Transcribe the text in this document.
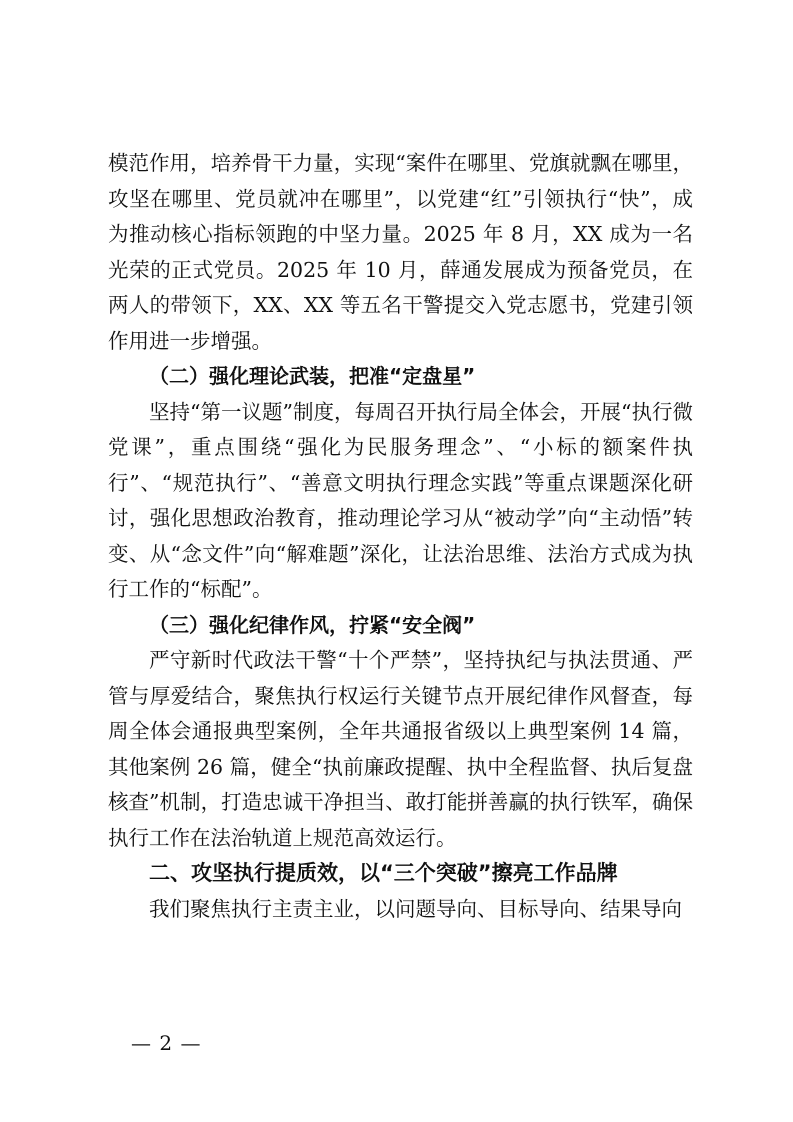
模范作用，培养骨干力量，实现“案件在哪里、党旗就飘在哪里，攻坚在哪里、党员就冲在哪里”，以党建“红”引领执行“快”，成为推动核心指标领跑的中坚力量。2025 年 8 月，XX 成为一名光荣的正式党员。2025 年 10 月，薛通发展成为预备党员，在两人的带领下，XX、XX 等五名干警提交入党志愿书，党建引领作用进一步增强。

（二）强化理论武装，把准“定盘星”

坚持“第一议题”制度，每周召开执行局全体会，开展“执行微党课”，重点围绕“强化为民服务理念”、“小标的额案件执行”、“规范执行”、“善意文明执行理念实践”等重点课题深化研讨，强化思想政治教育，推动理论学习从“被动学”向“主动悟”转变、从“念文件”向“解难题”深化，让法治思维、法治方式成为执行工作的“标配”。

（三）强化纪律作风，拧紧“安全阀”

严守新时代政法干警“十个严禁”，坚持执纪与执法贯通、严管与厚爱结合，聚焦执行权运行关键节点开展纪律作风督查，每周全体会通报典型案例，全年共通报省级以上典型案例 14 篇，其他案例 26 篇，健全“执前廉政提醒、执中全程监督、执后复盘核查”机制，打造忠诚干净担当、敢打能拼善赢的执行铁军，确保执行工作在法治轨道上规范高效运行。

二、攻坚执行提质效，以“三个突破”擦亮工作品牌

我们聚焦执行主责主业，以问题导向、目标导向、结果导向

— 2 —
